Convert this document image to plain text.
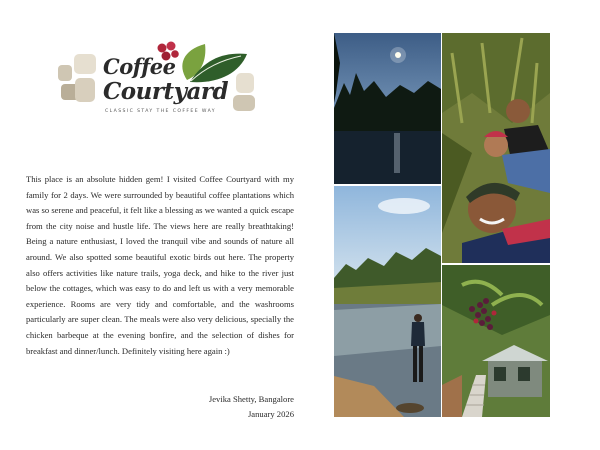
Coffee
Courtyard
CLASSIC STAY THE COFFEE WAY

This place is an absolute hidden gem! I visited Coffee Courtyard with my family for 2 days. We were surrounded by beautiful coffee plantations which was so serene and peaceful, it felt like a blessing as we wanted a quick escape from the city noise and hustle life. The views here are really breathtaking! Being a nature enthusiast, I loved the tranquil vibe and sounds of nature all around. We also spotted some beautiful exotic birds out here. The property also offers activities like nature trails, yoga deck, and hike to the river just below the cottages, which was easy to do and left us with a very memorable experience. Rooms are very tidy and comfortable, and the washrooms particularly are super clean. The meals were also very delicious, specially the chicken barbeque at the evening bonfire, and the selection of dishes for breakfast and dinner/lunch. Definitely visiting here again :)

Jevika Shetty, Bangalore

January 2026
